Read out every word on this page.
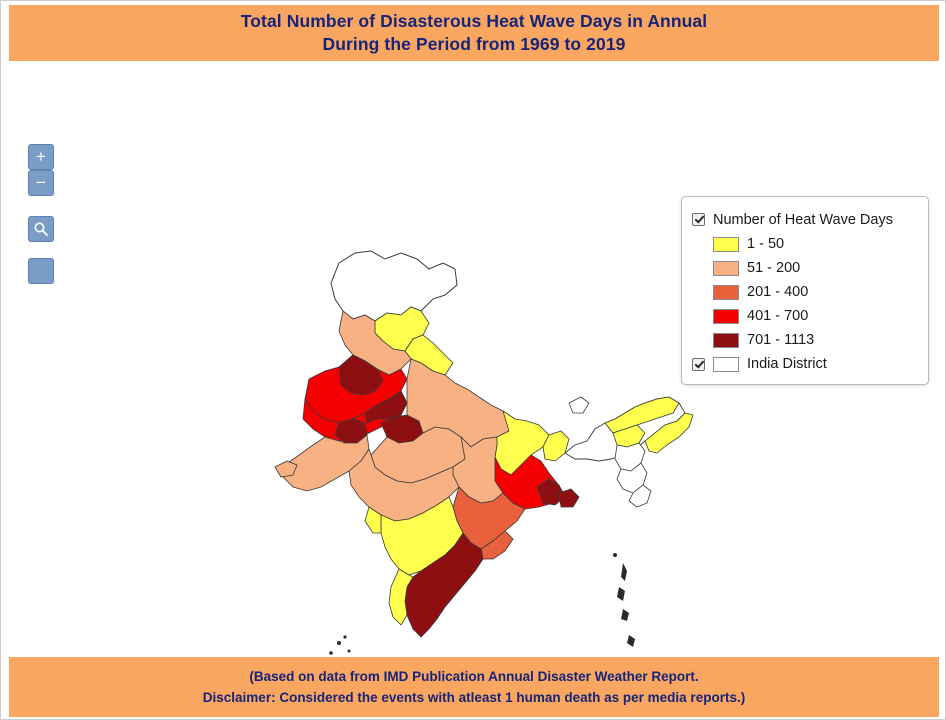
Total Number of Disasterous Heat Wave Days in Annual
During the Period from 1969 to 2019
+
−
Number of Heat Wave Days
1 - 50
51 - 200
201 - 400
401 - 700
701 - 1113
India District
(Based on data from IMD Publication Annual Disaster Weather Report.
Disclaimer: Considered the events with atleast 1 human death as per media reports.)
